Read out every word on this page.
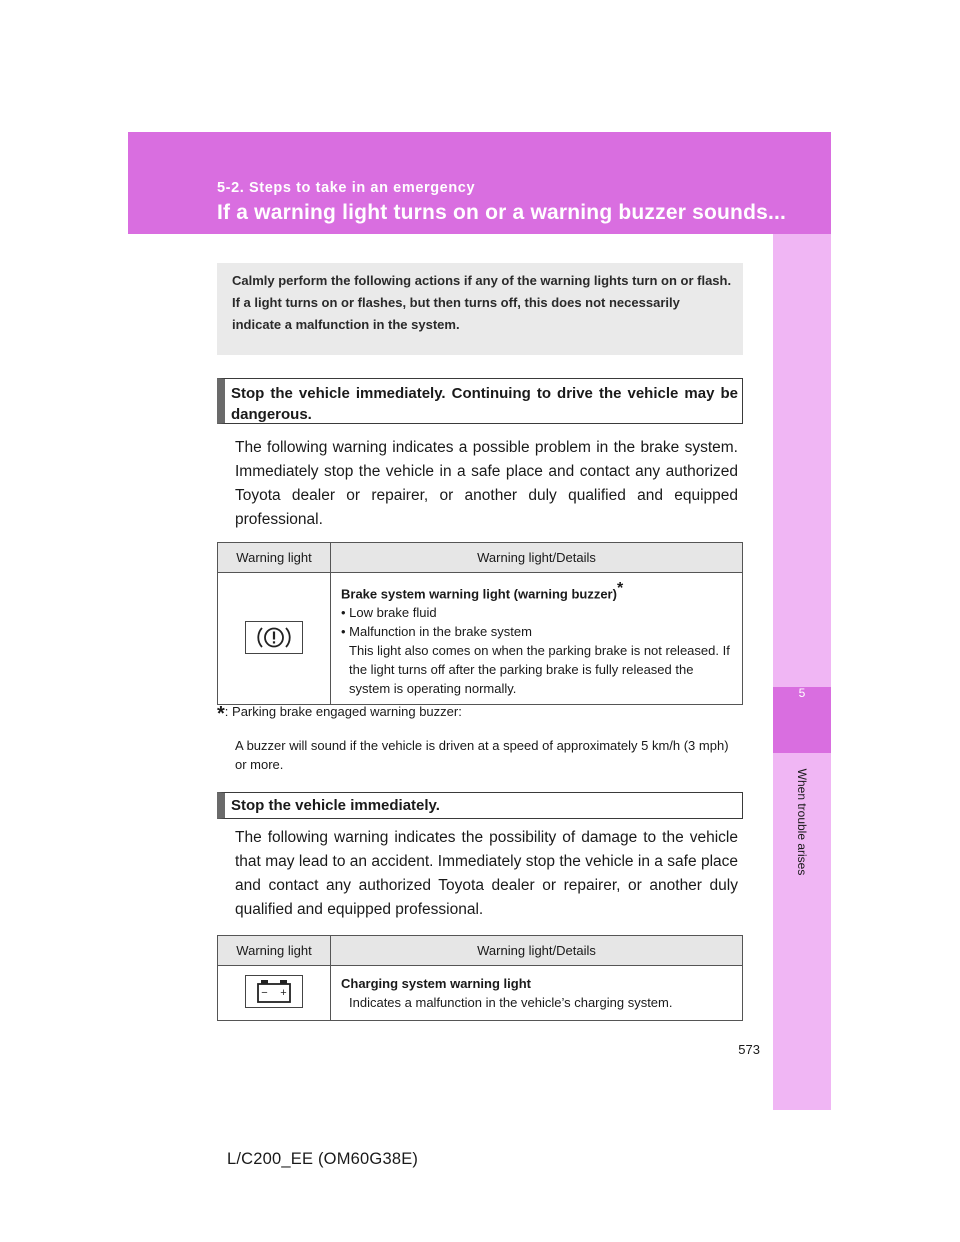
5-2. Steps to take in an emergency
If a warning light turns on or a warning buzzer sounds...
5
When trouble arises
Calmly perform the following actions if any of the warning lights turn on or flash. If a light turns on or flashes, but then turns off, this does not necessarily indicate a malfunction in the system.
Stop the vehicle immediately. Continuing to drive the vehicle may be dangerous.
The following warning indicates a possible problem in the brake system. Immediately stop the vehicle in a safe place and contact any authorized Toyota dealer or repairer, or another duly qualified and equipped professional.
Warning light	Warning light/Details

	Brake system warning light (warning buzzer)*
• Low brake fluid
• Malfunction in the brake system
This light also comes on when the parking brake is not released. If the light turns off after the parking brake is fully released the system is operating normally.
*: Parking brake engaged warning buzzer:
A buzzer will sound if the vehicle is driven at a speed of approximately 5 km/h (3 mph) or more.
Stop the vehicle immediately.
The following warning indicates the possibility of damage to the vehicle that may lead to an accident. Immediately stop the vehicle in a safe place and contact any authorized Toyota dealer or repairer, or another duly qualified and equipped professional.
Warning light	Warning light/Details

− +	Charging system warning light
Indicates a malfunction in the vehicle’s charging system.
573
L/C200_EE (OM60G38E)
